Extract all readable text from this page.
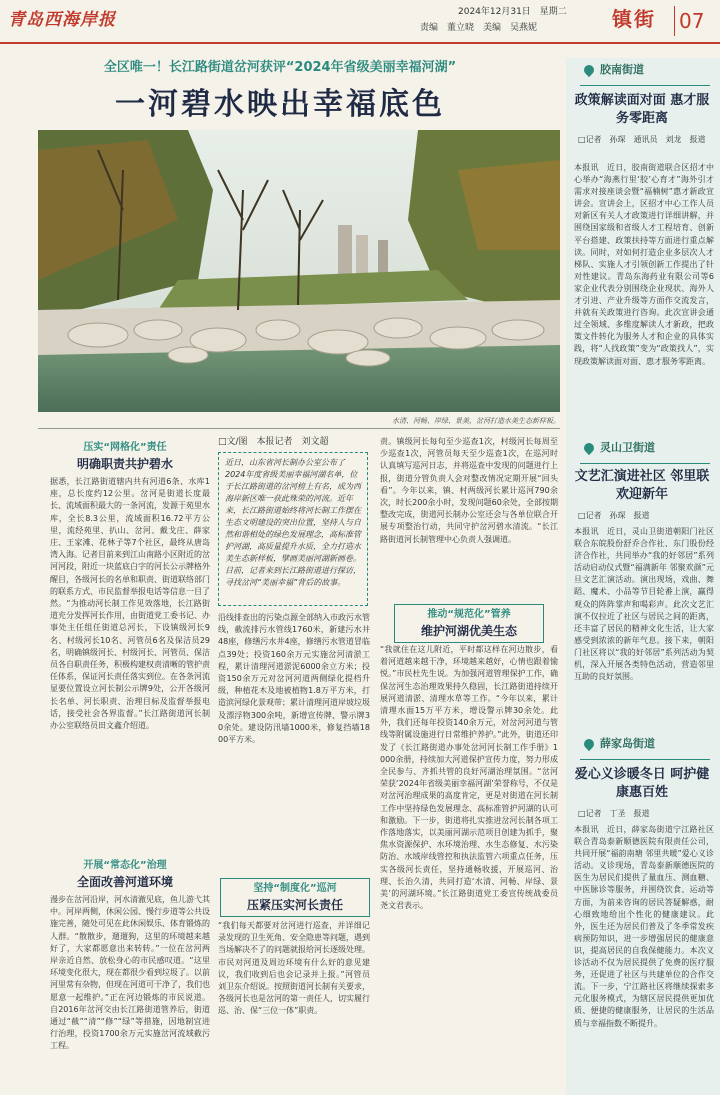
青岛西海岸报	2024年12月31日　星期二
责编　董立晓　美编　吴燕妮	镇街 07
全区唯一！长江路街道岔河获评“2024年省级美丽幸福河湖”
一河碧水映出幸福底色
水清、河畅、岸绿、景美，岔河打造水美生态新样板。
压实“网格化”责任
明确职责共护碧水
据悉，长江路街道辖内共有河道6条、水库1座，总长度约12公里。岔河是街道长度最长、流域面积最大的一条河流，发源于苑里水库，全长8.3公里，流域面积16.72平方公里，流经苑里、扒山、岔河、戴戈庄、薛家庄、王家滩、花林子等7个社区，最终从唐岛湾入海。记者目前来到江山南路小区附近的岔河河段，附近一块蓝底白字的河长公示牌格外醒目，各级河长的名单和职责、街道联络部门的联系方式、市民监督举报电话等信息一目了然。“为推动河长制工作见效落地，长江路街道充分发挥河长作用，由街道党工委书记、办事处主任组任街道总河长，下设镇级河长9名、村级河长10名、河管员6名及保洁员29名，明确镇级河长、村级河长、河管员、保洁员各自职责任务，积极构建权责清晰的管护责任体系，保证河长责任落实到位。在各条河流显要位置设立河长制公示牌9处，公开各级河长名单、河长职责、治理目标及监督举报电话，接受社会各界监督。”长江路街道河长制办公室联络员田文鑫介绍道。
开展“常态化”治理
全面改善河道环境
漫步在岔河沿岸，河水清澈见底，鱼儿游弋其中。河岸两侧，休闲公园、慢行步道等公共设施完善，随处可见在此休闲娱乐、体育锻炼的人群。“散散步，遛遛狗，这里的环境越来越好了，大家都愿意出来转转。”一位在岔河两岸亲近自然、放松身心的市民感叹道。“这里环境变化很大，现在都很少看到垃圾了。以前河里常有杂物，但现在河道可干净了，我们也愿意一起维护。”正在河边锻炼的市民说道。自2016年岔河交由长江路街道管养后，街道通过“截”“清”“修”“绿”等措施，因地制宜进行治理，投资1700余万元实施岔河流域截污工程。
□文/图　本报记者　刘文超
近日，山东省河长制办公室公布了2024年度省级美丽幸福河湖名单，位于长江路街道的岔河榜上有名，成为西海岸新区唯一获此殊荣的河流。近年来，长江路街道始终将河长制工作摆在生态文明建设的突出位置，坚持人与自然和谐相处的绿色发展理念，高标准管护河湖，高质量提升水质，全力打造水美生态新样板，擘画美丽河湖新画卷。目前，记者来到长江路街道进行探访，寻找岔河“美丽幸福”背后的故事。
沿线排查出的污染点源全部纳入市政污水管线，截流排污水管线1760米，新建污水井48座，修缮污水井4座，修缮污水管道冒临点39处；投资160余万元实施岔河清淤工程，累计清理河道淤泥6000余立方米；投资150余万元对岔河河道两侧绿化提档升级，种植花木及地被植物1.8万平方米，打造滨河绿化景观带；累计清理河道岸坡垃圾及漂浮物300余吨，新增宣传牌、警示牌30余处。建设防汛墙1000米，修复挡墙1800平方米。
坚持“制度化”巡河
压紧压实河长责任
“我们每天都要对岔河进行巡查，并详细记录发现的卫生死角、安全隐患等问题，遇到当场解决不了的问题就报给河长逐级处理。市民对河道及周边环境有什么好的意见建议，我们收到后也会记录并上报。”河管员刘卫东介绍说。按照街道河长制有关要求，各级河长也是岔河的第一责任人，切实履行巡、治、保“三位一体”职责。
责。镇级河长每旬至少巡查1次，村级河长每周至少巡查1次，河管员每天至少巡查1次，在巡河时认真填写巡河日志，并将巡查中发现的问题进行上报，街道分管负责人会对整改情况定期开展“回头看”。今年以来，镇、村两级河长累计巡河790余次，时长200余小时，发现问题60余处，全部按期整改完成，街道河长制办公室还会与各单位联合开展专项整治行动，共同守护岔河碧水清流。“长江路街道河长制管理中心负责人强调道。
推动“规范化”管养
维护河湖优美生态
“我就住在这儿附近，平时都这样在河边散步，看着河道越来越干净，环境越来越好，心情也跟着愉悦。”市民杜先生说。为加强河道管理保护工作，确保岔河生态治理效果持久稳固，长江路街道持续开展河道清淤、清理水草等工作。“今年以来，累计清理水面15万平方米，增设警示牌30余处。此外，我们还每年投资140余万元，对岔河河道与管线等附属设施进行日常维护养护。”此外，街道还印发了《长江路街道办事处岔河河长制工作手册》1000余册，持续加大河道保护宣传力度，努力形成全民参与、齐抓共管的良好河湖治理氛围。“岔河荣获‘2024年省级美丽幸福河湖’荣誉称号，不仅是对岔河治理成果的高度肯定，更是对街道在河长制工作中坚持绿色发展理念、高标准管护河湖的认可和激励。下一步，街道将扎实推进岔河长制各项工作落地落实，以美丽河湖示范项目创建为抓手，聚焦水资源保护、水环境治理、水生态修复、水污染防治、水域岸线管控和执法监管六项重点任务，压实各级河长责任，坚持通畅收援，开展巡河、治理、长治久清，共同打造‘水清、河畅、岸绿、景美’的河湖环境。”长江路街道党工委宣传统战委员尧文君表示。
胶南街道
政策解读面对面 惠才服务零距离
□记者　孙琛　通讯员　刘龙　报道
本报讯　近日，胶南街道联合区招才中心举办“海燕行里‘胶’心育才”海外引才需求对接座谈会暨“福楠树”惠才新政宣讲会。宣讲会上，区招才中心工作人员对新区有关人才政策进行详细讲解，并围绕国家级和省级人才工程培育、创新平台搭建、政策扶持等方面进行重点解读。同时，对如何打造企业多层次人才梯队、实施人才引领创新工作提出了针对性建议。青岛东海药业有限公司等6家企业代表分别围绕企业现状、海外人才引进、产业升级等方面作交流发言，并就有关政策进行咨询。此次宣讲会通过全领域、多维度解读人才新政，把政策文件转化为服务人才和企业的具体实践，将“人找政策”变为“政策找人”，实现政策解读面对面、惠才服务零距离。
灵山卫街道
文艺汇演进社区 邻里联欢迎新年
□记者　孙琛　报道
本报讯　近日，灵山卫街道朝阳门社区联合东皖股份舒乔合作社、东门股份经济合作社，共同举办“我的好邻居”系列活动启动仪式暨“福满新年 邻聚欢颜”元旦文艺汇演活动。演出现场，戏曲、舞蹈、魔术、小品等节目轮番上演，赢得观众的阵阵掌声和喝彩声。此次文艺汇演不仅拉近了社区与居民之间的距离，还丰富了居民的精神文化生活，让大家感受到浓浓的新年气息。接下来，朝阳门社区将以“我的好邻居”系列活动为契机，深入开展各类特色活动，营造邻里互助的良好氛围。
薛家岛街道
爱心义诊暖冬日 呵护健康惠百姓
□记者　丁圣　报道
本报讯　近日，薛家岛街道宁江路社区联合青岛泰新顺德医院有限责任公司，共同开展“福韵南塘 邻里共暖”爱心义诊活动。义诊现场，青岛泰新顺德医院的医生为居民们提供了量血压、测血糖、中医脉诊等服务，并围绕饮食、运动等方面，为前来咨询的居民答疑解惑，耐心细致地给出个性化的健康建议。此外，医生还为居民们普及了冬季常发疾病预防知识，进一步增强居民的健康意识，提高居民的自我保健能力。本次义诊活动不仅为居民提供了免费的医疗服务，还促进了社区与共建单位的合作交流。下一步，宁江路社区将继续探索多元化服务模式，为辖区居民提供更加优质、便捷的健康服务，让居民的生活品质与幸福指数不断提升。
